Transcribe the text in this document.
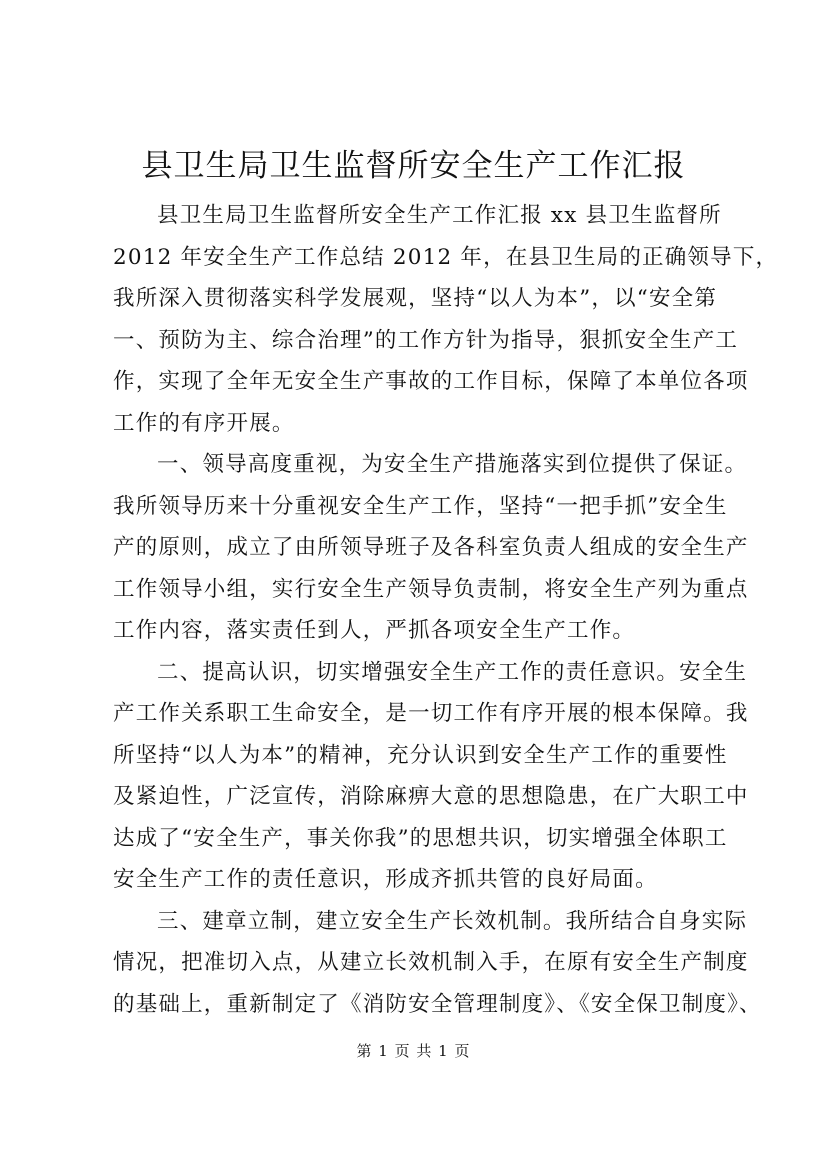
县卫生局卫生监督所安全生产工作汇报
县卫生局卫生监督所安全生产工作汇报 xx 县卫生监督所
2012 年安全生产工作总结 2012 年，在县卫生局的正确领导下，
我所深入贯彻落实科学发展观，坚持“以人为本”，以“安全第
一、预防为主、综合治理”的工作方针为指导，狠抓安全生产工
作，实现了全年无安全生产事故的工作目标，保障了本单位各项
工作的有序开展。
一、领导高度重视，为安全生产措施落实到位提供了保证。
我所领导历来十分重视安全生产工作，坚持“一把手抓”安全生
产的原则，成立了由所领导班子及各科室负责人组成的安全生产
工作领导小组，实行安全生产领导负责制，将安全生产列为重点
工作内容，落实责任到人，严抓各项安全生产工作。
二、提高认识，切实增强安全生产工作的责任意识。安全生
产工作关系职工生命安全，是一切工作有序开展的根本保障。我
所坚持“以人为本”的精神，充分认识到安全生产工作的重要性
及紧迫性，广泛宣传，消除麻痹大意的思想隐患，在广大职工中
达成了“安全生产，事关你我”的思想共识，切实增强全体职工
安全生产工作的责任意识，形成齐抓共管的良好局面。
三、建章立制，建立安全生产长效机制。我所结合自身实际
情况，把准切入点，从建立长效机制入手，在原有安全生产制度
的基础上，重新制定了《消防安全管理制度》、《安全保卫制度》、
第 1 页 共 1 页
